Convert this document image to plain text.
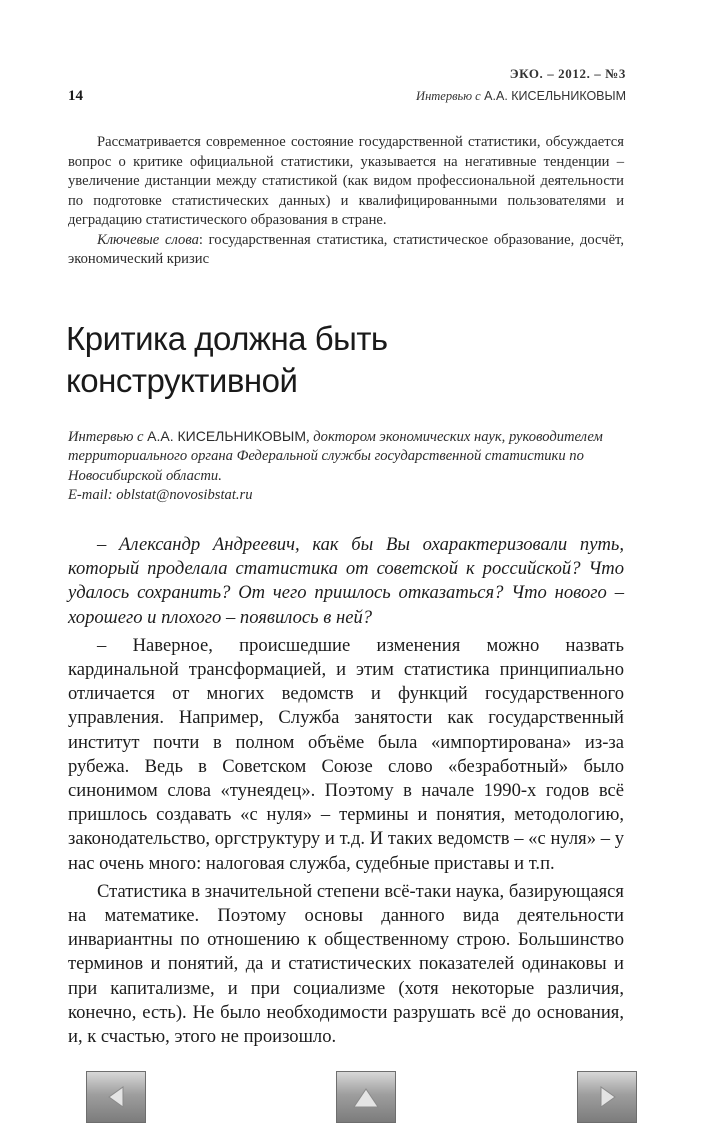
ЭКО. – 2012. – №3
14	Интервью с А.А. КИСЕЛЬНИКОВЫМ

Рассматривается современное состояние государственной статистики, обсуждается вопрос о критике официальной статистики, указывается на негативные тенденции – увеличение дистанции между статистикой (как видом профессиональной деятельности по подготовке статистических данных) и квалифицированными пользователями и деградацию статистического образования в стране.

Ключевые слова: государственная статистика, статистическое образование, досчёт, экономический кризис

Критика должна быть
конструктивной
Интервью с А.А. КИСЕЛЬНИКОВЫМ, доктором экономических наук, руководителем территориального органа Федеральной службы государственной статистики по Новосибирской области.
E-mail: oblstat@novosibstat.ru

– Александр Андреевич, как бы Вы охарактеризовали путь, который проделала статистика от советской к российской? Что удалось сохранить? От чего пришлось отказаться? Что нового – хорошего и плохого – появилось в ней?

– Наверное, происшедшие изменения можно назвать кардинальной трансформацией, и этим статистика принципиально отличается от многих ведомств и функций государственного управления. Например, Служба занятости как государственный институт почти в полном объёме была «импортирована» из-за рубежа. Ведь в Советском Союзе слово «безработный» было синонимом слова «тунеядец». Поэтому в начале 1990-х годов всё пришлось создавать «с нуля» – термины и понятия, методологию, законодательство, оргструктуру и т.д. И таких ведомств – «с нуля» – у нас очень много: налоговая служба, судебные приставы и т.п.

Статистика в значительной степени всё-таки наука, базирующаяся на математике. Поэтому основы данного вида деятельности инвариантны по отношению к общественному строю. Большинство терминов и понятий, да и статистических показателей одинаковы и при капитализме, и при социализме (хотя некоторые различия, конечно, есть). Не было необходимости разрушать всё до основания, и, к счастью, этого не произошло.
